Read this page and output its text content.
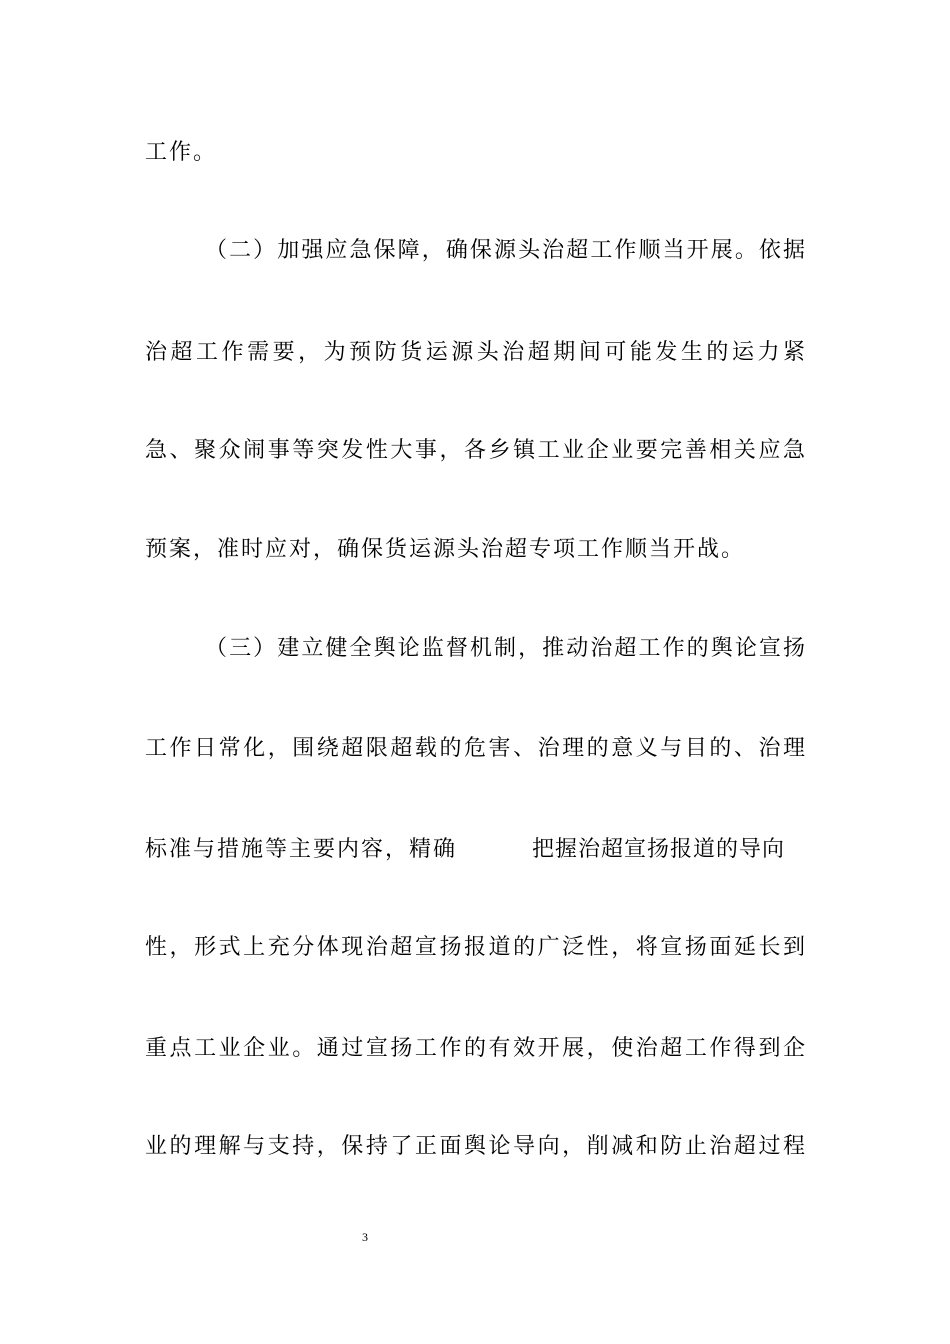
工作。
（二）加强应急保障，确保源头治超工作顺当开展。依据
治超工作需要，为预防货运源头治超期间可能发生的运力紧
急、聚众闹事等突发性大事，各乡镇工业企业要完善相关应急
预案，准时应对，确保货运源头治超专项工作顺当开战。
（三）建立健全舆论监督机制，推动治超工作的舆论宣扬
工作日常化，围绕超限超载的危害、治理的意义与目的、治理
标准与措施等主要内容，精确	把握治超宣扬报道的导向
性，形式上充分体现治超宣扬报道的广泛性，将宣扬面延长到
重点工业企业。通过宣扬工作的有效开展，使治超工作得到企
业的理解与支持，保持了正面舆论导向，削减和防止治超过程
3
